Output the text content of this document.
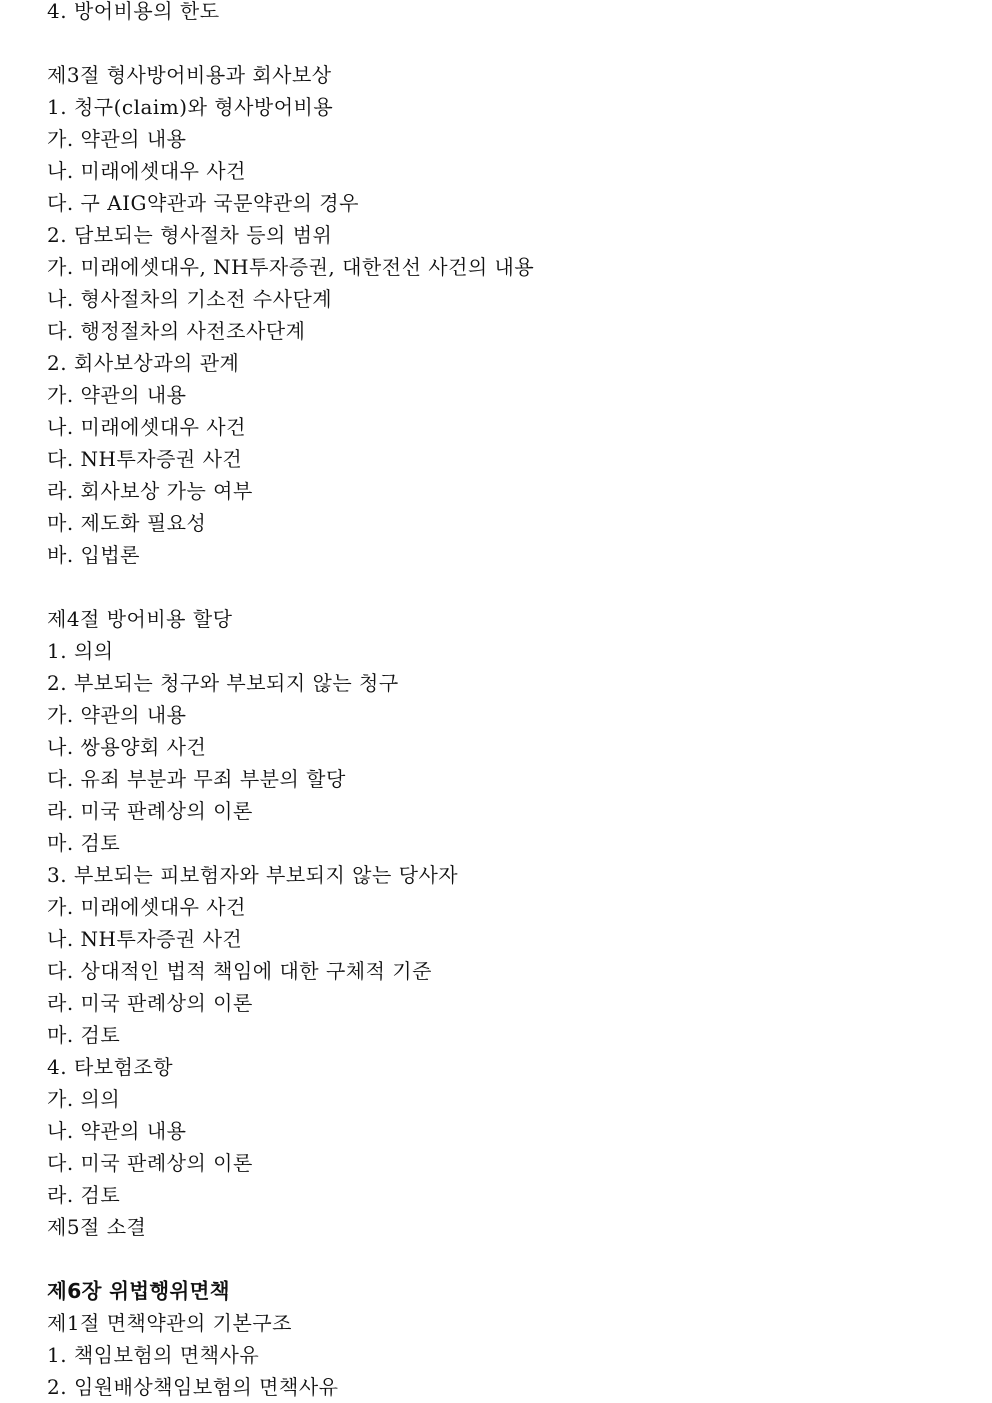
4. 방어비용의 한도
제3절 형사방어비용과 회사보상
1. 청구(claim)와 형사방어비용
가. 약관의 내용
나. 미래에셋대우 사건
다. 구 AIG약관과 국문약관의 경우
2. 담보되는 형사절차 등의 범위
가. 미래에셋대우, NH투자증권, 대한전선 사건의 내용
나. 형사절차의 기소전 수사단계
다. 행정절차의 사전조사단계
2. 회사보상과의 관계
가. 약관의 내용
나. 미래에셋대우 사건
다. NH투자증권 사건
라. 회사보상 가능 여부
마. 제도화 필요성
바. 입법론
제4절 방어비용 할당
1. 의의
2. 부보되는 청구와 부보되지 않는 청구
가. 약관의 내용
나. 쌍용양회 사건
다. 유죄 부분과 무죄 부분의 할당
라. 미국 판례상의 이론
마. 검토
3. 부보되는 피보험자와 부보되지 않는 당사자
가. 미래에셋대우 사건
나. NH투자증권 사건
다. 상대적인 법적 책임에 대한 구체적 기준
라. 미국 판례상의 이론
마. 검토
4. 타보험조항
가. 의의
나. 약관의 내용
다. 미국 판례상의 이론
라. 검토
제5절 소결
제6장 위법행위면책
제1절 면책약관의 기본구조
1. 책임보험의 면책사유
2. 임원배상책임보험의 면책사유
